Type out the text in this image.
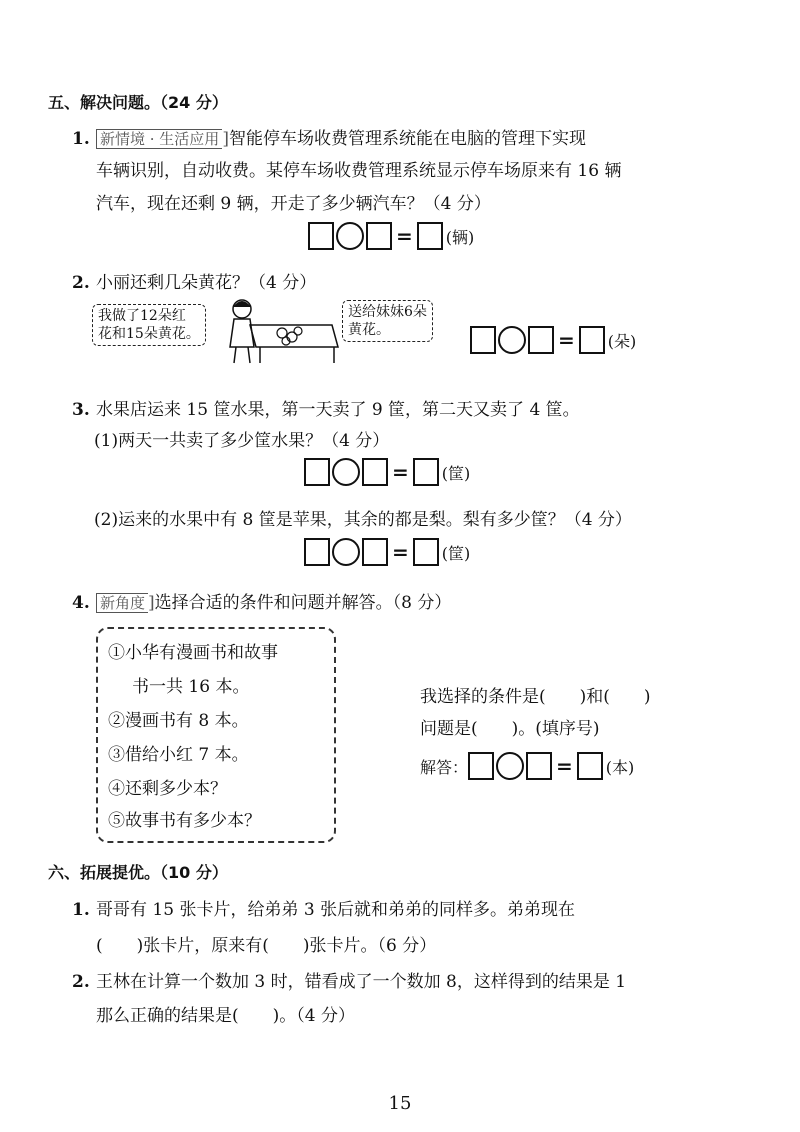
五、解决问题。（24 分）
1. 新情境 · 生活应用 ]智能停车场收费管理系统能在电脑的管理下实现
车辆识别，自动收费。某停车场收费管理系统显示停车场原来有 16 辆
汽车，现在还剩 9 辆，开走了多少辆汽车？（4 分）
= (辆)
2. 小丽还剩几朵黄花？（4 分）
我做了12朵红
花和15朵黄花。
送给妹妹6朵
黄花。	= (朵)
3. 水果店运来 15 筐水果，第一天卖了 9 筐，第二天又卖了 4 筐。
(1)两天一共卖了多少筐水果？（4 分）
= (筐)
(2)运来的水果中有 8 筐是苹果，其余的都是梨。梨有多少筐？（4 分）
= (筐)
4. 新角度 ]选择合适的条件和问题并解答。（8 分）
①小华有漫画书和故事
书一共 16 本。
②漫画书有 8 本。
③借给小红 7 本。
④还剩多少本？
⑤故事书有多少本？
我选择的条件是(　　)和(　　)
问题是(　　)。(填序号)
解答：	= (本)
六、拓展提优。（10 分）
1. 哥哥有 15 张卡片，给弟弟 3 张后就和弟弟的同样多。弟弟现在
(　　)张卡片，原来有(　　)张卡片。（6 分）
2. 王林在计算一个数加 3 时，错看成了一个数加 8，这样得到的结果是 1
那么正确的结果是(　　)。（4 分）
15
